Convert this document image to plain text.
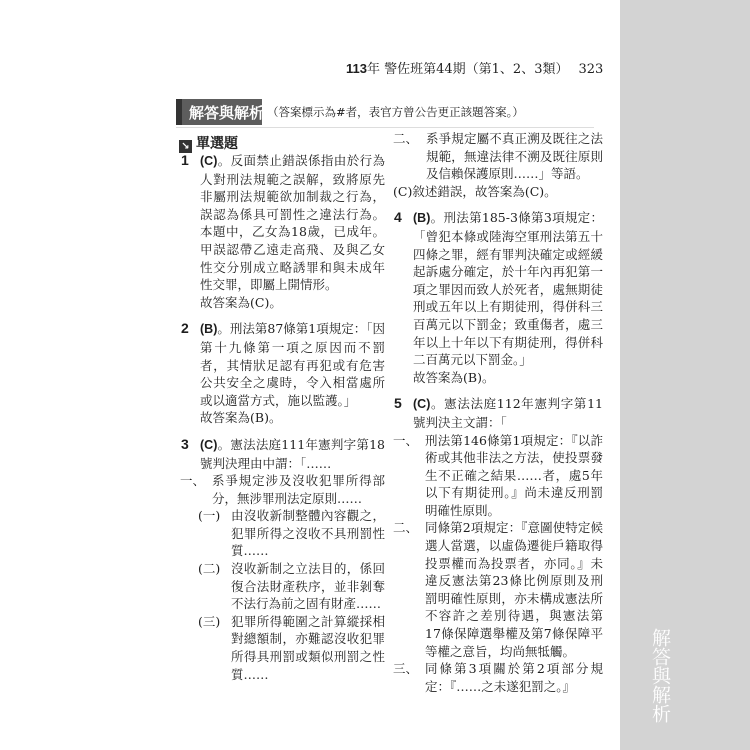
解答與解析
113年 警佐班第44期（第1、2、3類） 323
解答與解析 （答案標示為#者，表官方曾公告更正該題答案。）
↘ 單選題
1 (C)。反面禁止錯誤係指由於行為人對刑法規範之誤解，致將原先非屬刑法規範欲加制裁之行為，誤認為係具可罰性之違法行為。本題中，乙女為18歲，已成年。甲誤認帶乙遠走高飛、及與乙女性交分別成立略誘罪和與未成年性交罪，即屬上開情形。
故答案為(C)。
2 (B)。刑法第87條第1項規定：「因第十九條第一項之原因而不罰者，其情狀足認有再犯或有危害公共安全之虞時，令入相當處所或以適當方式，施以監護。」
故答案為(B)。
3 (C)。憲法法庭111年憲判字第18號判決理由中謂：「……
一、 系爭規定涉及沒收犯罪所得部分，無涉罪刑法定原則……
(一) 由沒收新制整體內容觀之，犯罪所得之沒收不具刑罰性質……
(二) 沒收新制之立法目的，係回復合法財產秩序，並非剝奪不法行為前之固有財產……
(三) 犯罪所得範圍之計算縱採相對總額制，亦難認沒收犯罪所得具刑罰或類似刑罰之性質……
二、 系爭規定屬不真正溯及既往之法規範，無違法律不溯及既往原則及信賴保護原則……」等語。
(C)敘述錯誤，故答案為(C)。
4 (B)。刑法第185-3條第3項規定：「曾犯本條或陸海空軍刑法第五十四條之罪，經有罪判決確定或經緩起訴處分確定，於十年內再犯第一項之罪因而致人於死者，處無期徒刑或五年以上有期徒刑，得併科三百萬元以下罰金；致重傷者，處三年以上十年以下有期徒刑，得併科二百萬元以下罰金。」
故答案為(B)。
5 (C)。憲法法庭112年憲判字第11號判決主文謂：「
一、 刑法第146條第1項規定：『以詐術或其他非法之方法，使投票發生不正確之結果……者，處5年以下有期徒刑。』尚未違反刑罰明確性原則。
二、 同條第2項規定：『意圖使特定候選人當選，以虛偽遷徙戶籍取得投票權而為投票者，亦同。』未違反憲法第23條比例原則及刑罰明確性原則，亦未構成憲法所不容許之差別待遇，與憲法第17條保障選舉權及第7條保障平等權之意旨，均尚無牴觸。
三、 同條第3項關於第2項部分規定：『……之未遂犯罰之。』
